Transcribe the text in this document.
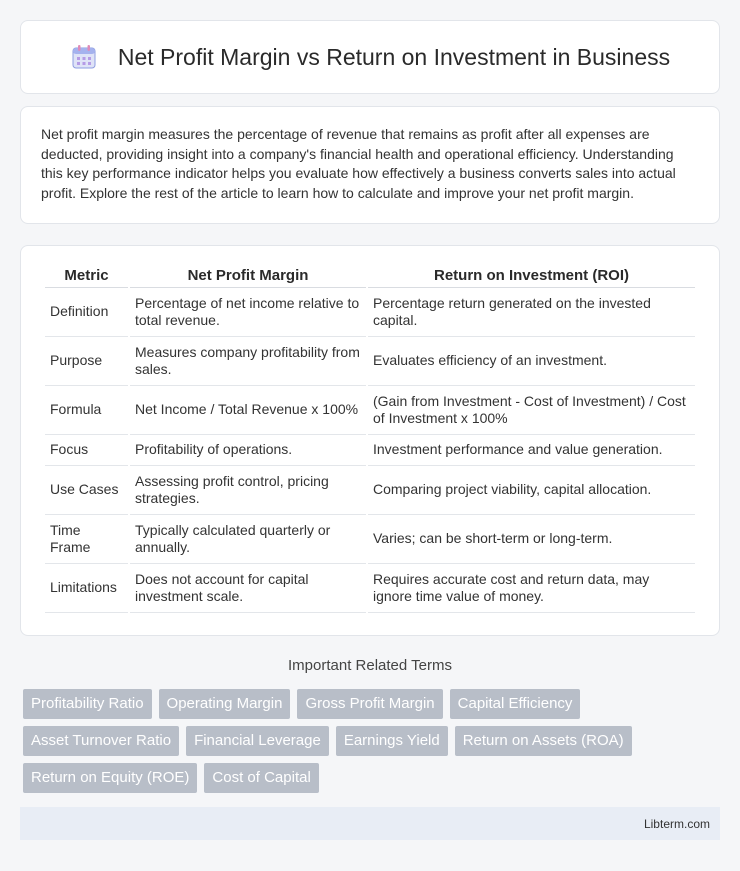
Net Profit Margin vs Return on Investment in Business

Net profit margin measures the percentage of revenue that remains as profit after all expenses are deducted, providing insight into a company's financial health and operational efficiency. Understanding this key performance indicator helps you evaluate how effectively a business converts sales into actual profit. Explore the rest of the article to learn how to calculate and improve your net profit margin.

Metric	Net Profit Margin	Return on Investment (ROI)
Definition	Percentage of net income relative to total revenue.	Percentage return generated on the invested capital.
Purpose	Measures company profitability from sales.	Evaluates efficiency of an investment.
Formula	Net Income / Total Revenue x 100%	(Gain from Investment - Cost of Investment) / Cost of Investment x 100%
Focus	Profitability of operations.	Investment performance and value generation.
Use Cases	Assessing profit control, pricing strategies.	Comparing project viability, capital allocation.
Time Frame	Typically calculated quarterly or annually.	Varies; can be short-term or long-term.
Limitations	Does not account for capital investment scale.	Requires accurate cost and return data, may ignore time value of money.
Important Related Terms
Profitability Ratio	Operating Margin	Gross Profit Margin	Capital Efficiency
Asset Turnover Ratio	Financial Leverage	Earnings Yield	Return on Assets (ROA)
Return on Equity (ROE)	Cost of Capital
Libterm.com
